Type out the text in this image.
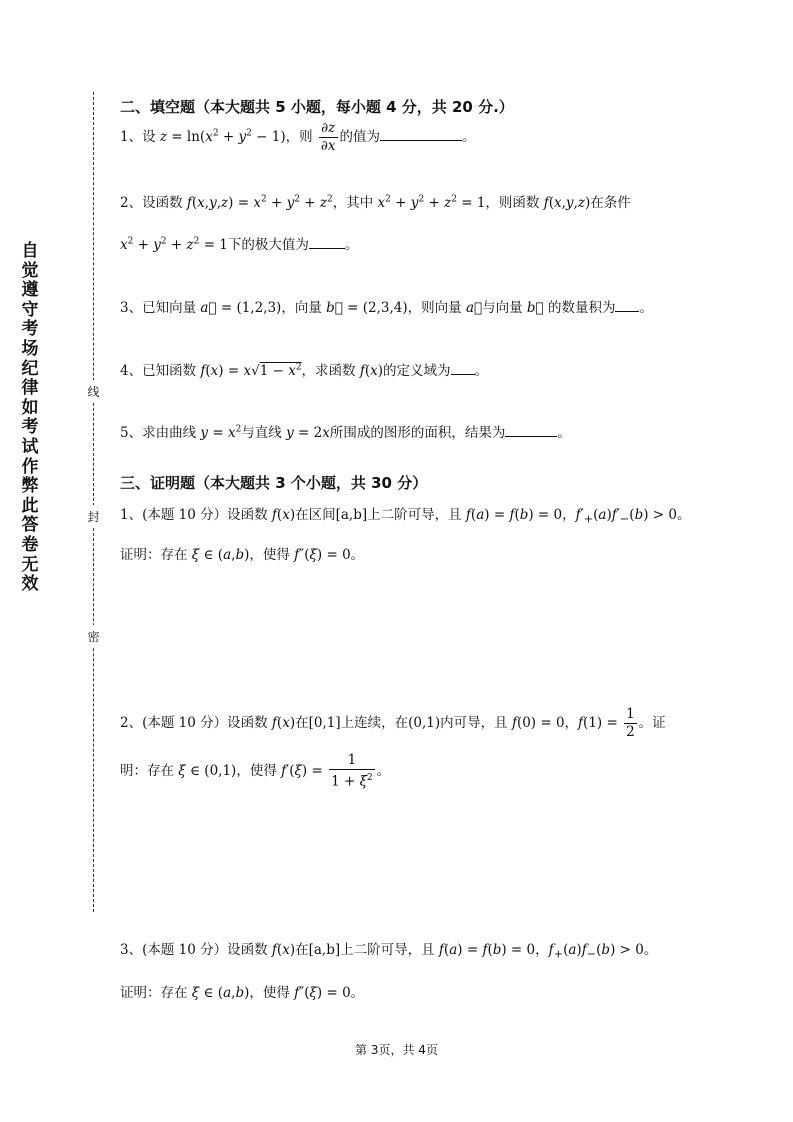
自觉遵守考场纪律如考试作弊此答卷无效
线
封
密
二、填空题（本大题共 5 小题，每小题 4 分，共 20 分.）
1、设 $z = \ln(x^2 + y^2 - 1)$，则 $\frac{\partial z}{\partial x}$ 的值为	。
2、设函数 $f(x,y,z) = x^2 + y^2 + z^2$，其中 $x^2 + y^2 + z^2 = 1$，则函数 f(x,y,z)在条件
$x^2 + y^2 + z^2 = 1$下的极大值为	。
3、已知向量 a⃗ = (1,2,3)，向量 b⃗ = (2,3,4)，则向量 a⃗与向量 b⃗ 的数量积为 。
4、已知函数 $f(x) = x√1 - x^2$，求函数 f(x)的定义域为 。
5、求由曲线 $y = x^2$与直线 y = 2x所围成的图形的面积，结果为	。
三、证明题（本大题共 3 个小题，共 30 分）
1、(本题 10 分）设函数 f(x)在区间[a,b]上二阶可导，且 f(a) = f(b) = 0，$f'_+(a)f'_-(b) > 0$。
证明：存在 ξ ∈ (a,b)，使得 f″(ξ) = 0。
2、(本题 10 分）设函数 f(x)在[0,1]上连续，在(0,1)内可导，且 f(0) = 0，$f(1) = \frac{1}{2}$ 。证
明：存在 ξ ∈ (0,1)，使得 $f'(\xi) = \frac{1}{1 + \xi^2}$ 。
3、(本题 10 分）设函数 f(x)在[a,b]上二阶可导，且 f(a) = f(b) = 0，$f_+(a)f_-(b) > 0$。
证明：存在 ξ ∈ (a,b)，使得 f″(ξ) = 0。
第 3页，共 4页
